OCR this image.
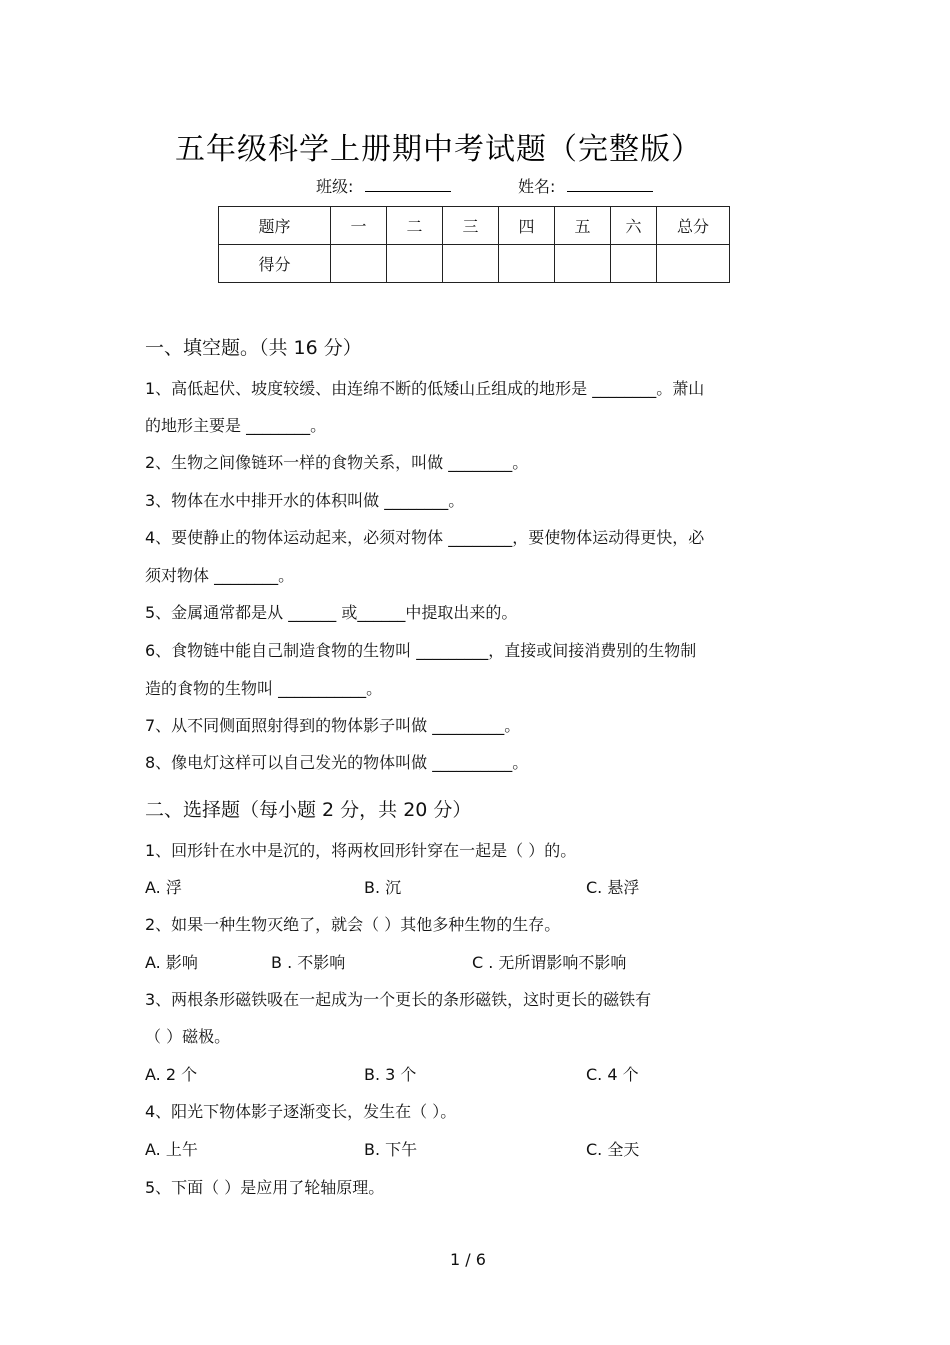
五年级科学上册期中考试题（完整版）
班级:	姓名:
题序	一	二	三	四	五	六	总分
得分							
一、填空题。（共 16 分）
1、高低起伏、坡度较缓、由连绵不断的低矮山丘组成的地形是 ________。萧山
的地形主要是 ________。
2、生物之间像链环一样的食物关系，叫做 ________。
3、物体在水中排开水的体积叫做 ________。
4、要使静止的物体运动起来，必须对物体 ________，要使物体运动得更快，必
须对物体 ________。
5、金属通常都是从 ______ 或______中提取出来的。
6、食物链中能自己制造食物的生物叫 _________，直接或间接消费别的生物制
造的食物的生物叫 ___________。
7、从不同侧面照射得到的物体影子叫做 _________。
8、像电灯这样可以自己发光的物体叫做 __________。
二、选择题（每小题 2 分，共 20 分）
1、回形针在水中是沉的，将两枚回形针穿在一起是（ ）的。
A. 浮	B. 沉	C. 悬浮
2、如果一种生物灭绝了，就会（ ）其他多种生物的生存。
A. 影响	B . 不影响	C . 无所谓影响不影响
3、两根条形磁铁吸在一起成为一个更长的条形磁铁，这时更长的磁铁有
（ ）磁极。
A. 2 个	B. 3 个	C. 4 个
4、阳光下物体影子逐渐变长，发生在（ ）。
A. 上午	B. 下午	C. 全天
5、下面（ ）是应用了轮轴原理。
1 / 6
